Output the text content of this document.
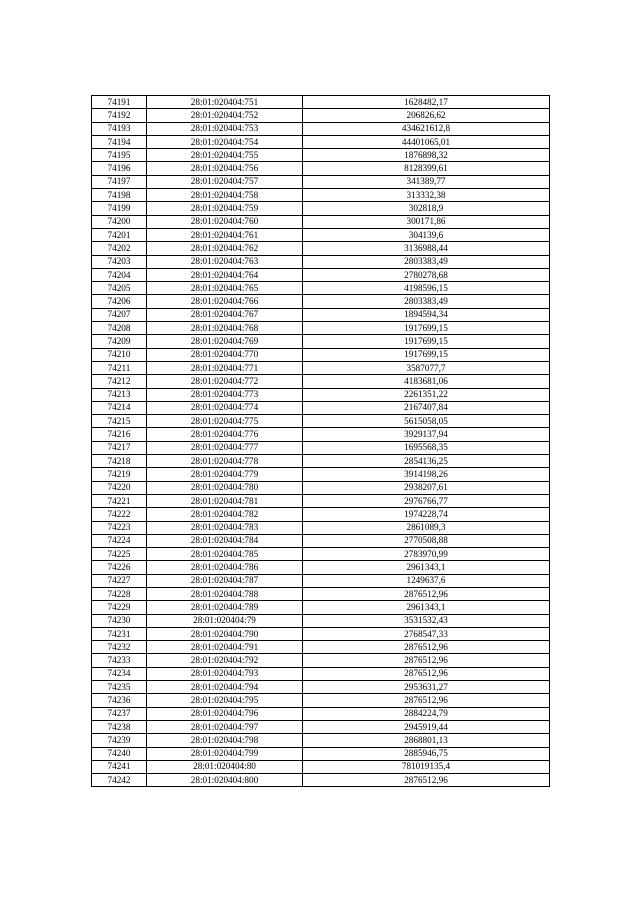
74191	28:01:020404:751	1628482,17
74192	28:01:020404:752	206826,62
74193	28:01:020404:753	434621612,8
74194	28:01:020404:754	44401065,01
74195	28:01:020404:755	1876898,32
74196	28:01:020404:756	8128399,61
74197	28:01:020404:757	341389,77
74198	28:01:020404:758	313332,38
74199	28:01:020404:759	302818,9
74200	28:01:020404:760	300171,86
74201	28:01:020404:761	304139,6
74202	28:01:020404:762	3136988,44
74203	28:01:020404:763	2803383,49
74204	28:01:020404:764	2780278,68
74205	28:01:020404:765	4198596,15
74206	28:01:020404:766	2803383,49
74207	28:01:020404:767	1894594,34
74208	28:01:020404:768	1917699,15
74209	28:01:020404:769	1917699,15
74210	28:01:020404:770	1917699,15
74211	28:01:020404:771	3587077,7
74212	28:01:020404:772	4183681,06
74213	28:01:020404:773	2261351,22
74214	28:01:020404:774	2167407,84
74215	28:01:020404:775	5615058,05
74216	28:01:020404:776	3929137,94
74217	28:01:020404:777	1695568,35
74218	28:01:020404:778	2854136,25
74219	28:01:020404:779	3914198,26
74220	28:01:020404:780	2938207,61
74221	28:01:020404:781	2976766,77
74222	28:01:020404:782	1974228,74
74223	28:01:020404:783	2861089,3
74224	28:01:020404:784	2770508,88
74225	28:01:020404:785	2783970,99
74226	28:01:020404:786	2961343,1
74227	28:01:020404:787	1249637,6
74228	28:01:020404:788	2876512,96
74229	28:01:020404:789	2961343,1
74230	28:01:020404:79	3531532,43
74231	28:01:020404:790	2768547,33
74232	28:01:020404:791	2876512,96
74233	28:01:020404:792	2876512,96
74234	28:01:020404:793	2876512,96
74235	28:01:020404:794	2953631,27
74236	28:01:020404:795	2876512,96
74237	28:01:020404:796	2884224,79
74238	28:01:020404:797	2945919,44
74239	28:01:020404:798	2868801,13
74240	28:01:020404:799	2885946,75
74241	28:01:020404:80	781019135,4
74242	28:01:020404:800	2876512,96
